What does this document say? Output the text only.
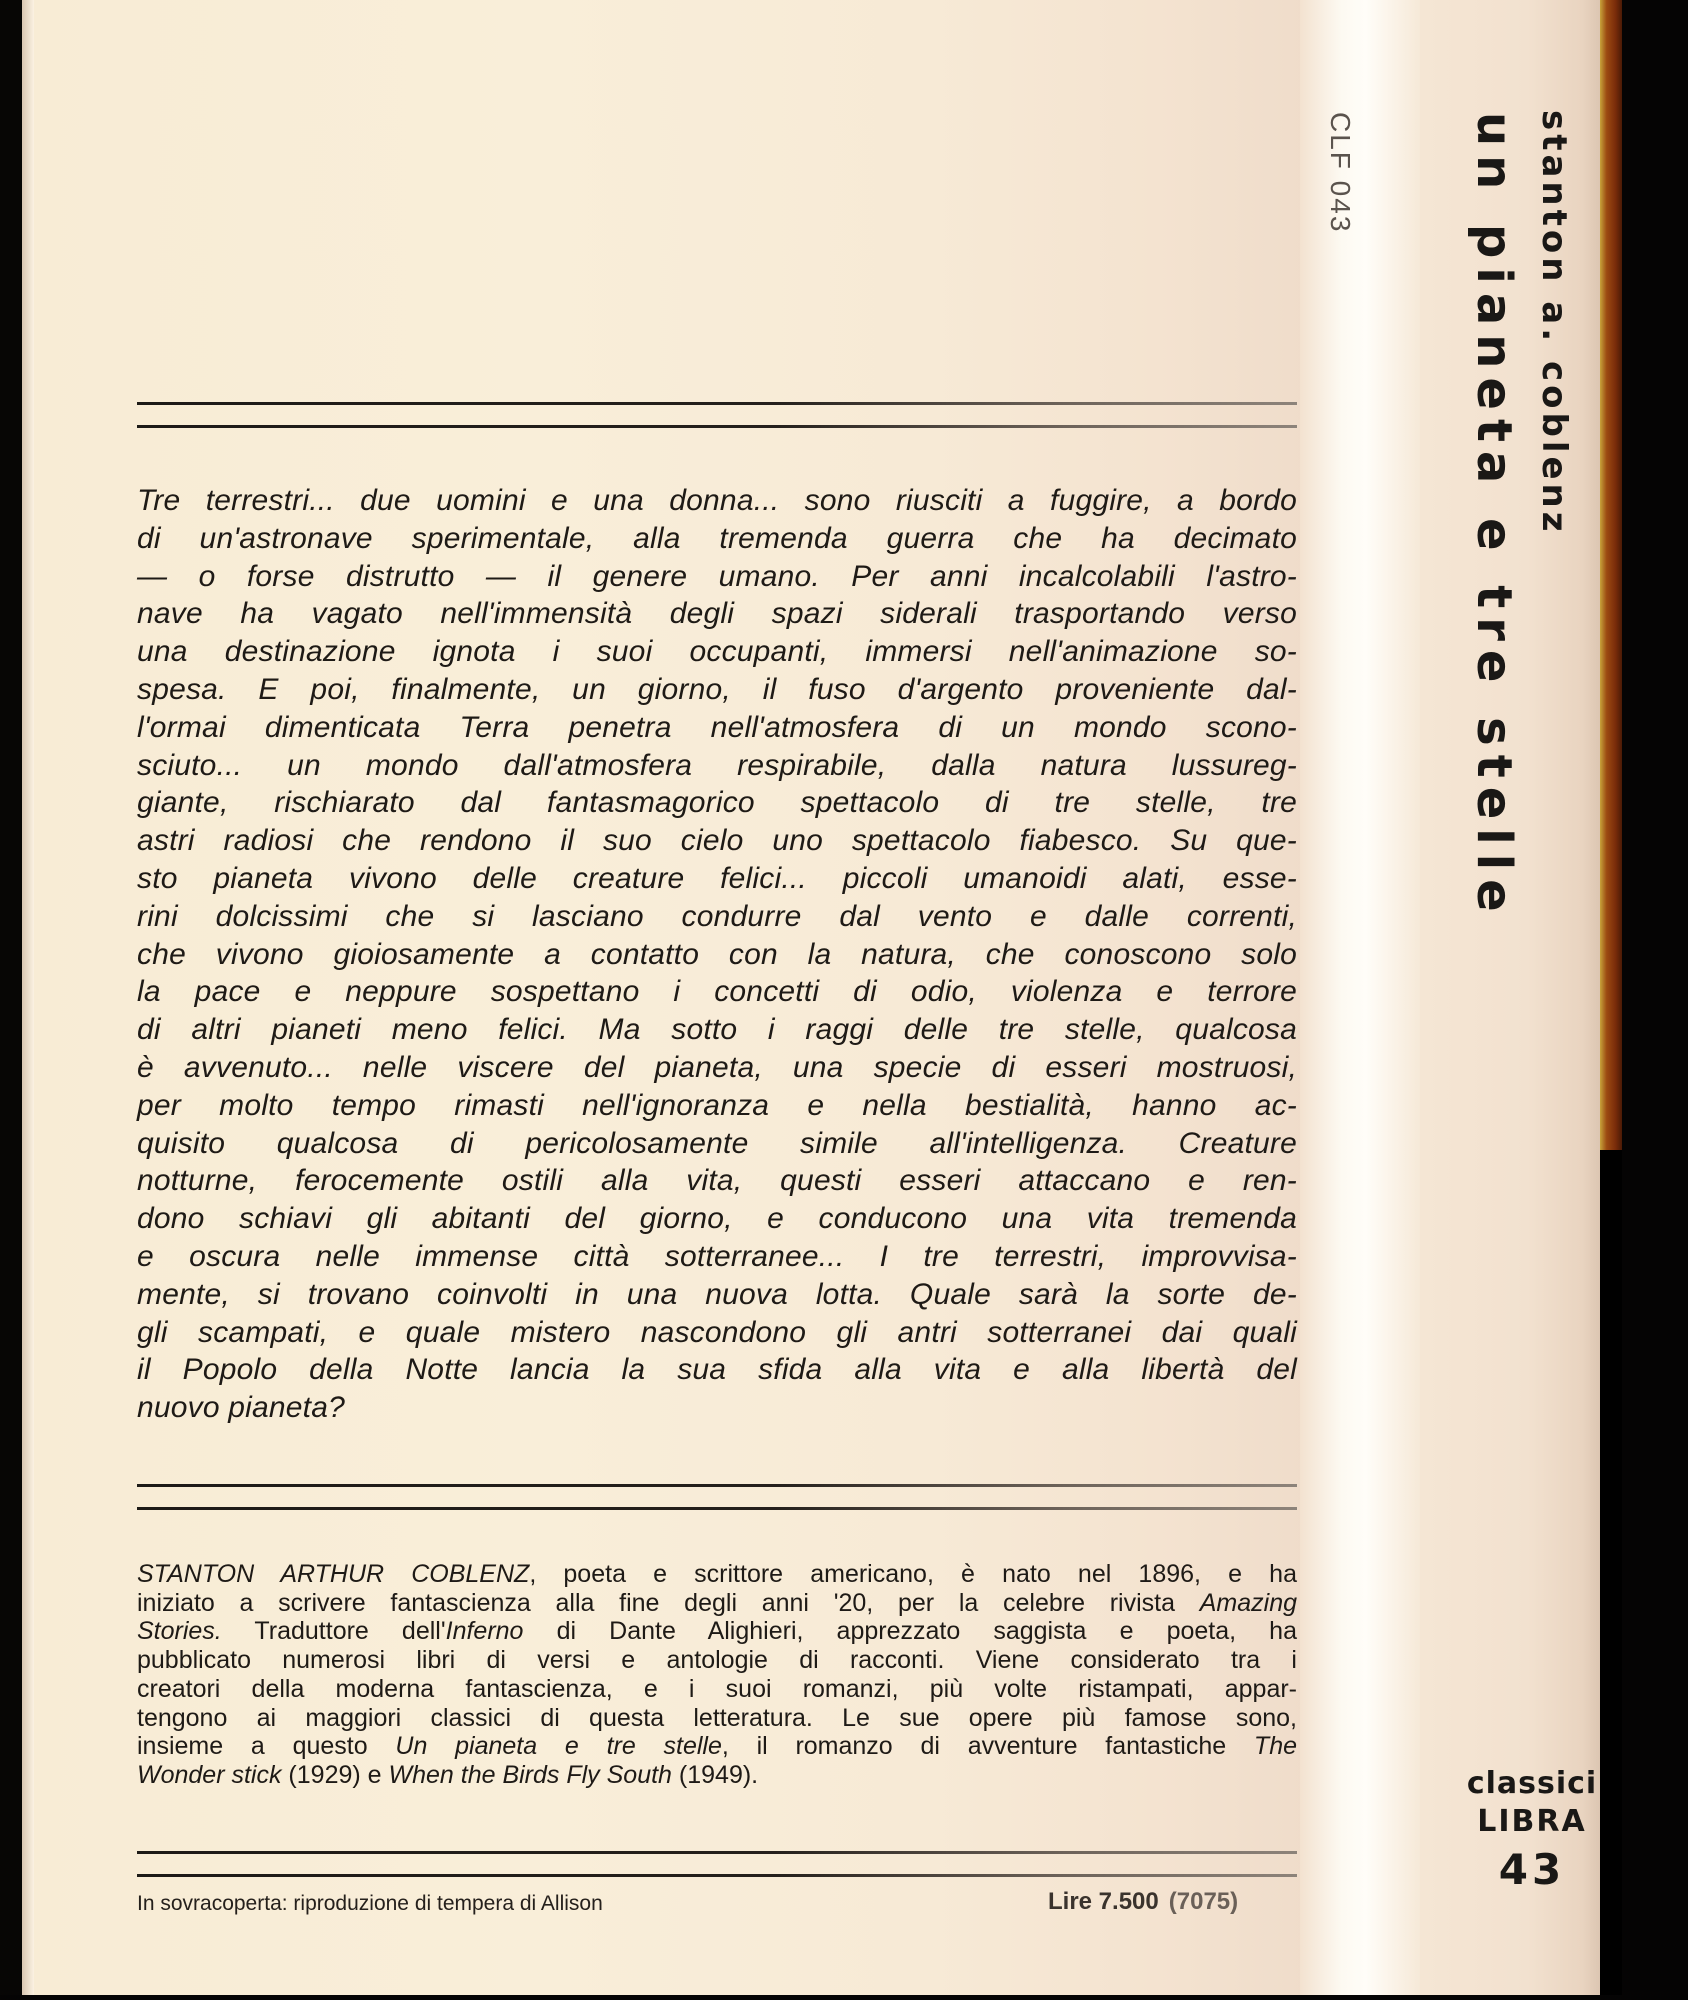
Tre terrestri... due uomini e una donna... sono riusciti a fuggire, a bordo
di un'astronave sperimentale, alla tremenda guerra che ha decimato
— o forse distrutto — il genere umano. Per anni incalcolabili l'astro-
nave ha vagato nell'immensità degli spazi siderali trasportando verso
una destinazione ignota i suoi occupanti, immersi nell'animazione so-
spesa. E poi, finalmente, un giorno, il fuso d'argento proveniente dal-
l'ormai dimenticata Terra penetra nell'atmosfera di un mondo scono-
sciuto... un mondo dall'atmosfera respirabile, dalla natura lussureg-
giante, rischiarato dal fantasmagorico spettacolo di tre stelle, tre
astri radiosi che rendono il suo cielo uno spettacolo fiabesco. Su que-
sto pianeta vivono delle creature felici... piccoli umanoidi alati, esse-
rini dolcissimi che si lasciano condurre dal vento e dalle correnti,
che vivono gioiosamente a contatto con la natura, che conoscono solo
la pace e neppure sospettano i concetti di odio, violenza e terrore
di altri pianeti meno felici. Ma sotto i raggi delle tre stelle, qualcosa
è avvenuto... nelle viscere del pianeta, una specie di esseri mostruosi,
per molto tempo rimasti nell'ignoranza e nella bestialità, hanno ac-
quisito qualcosa di pericolosamente simile all'intelligenza. Creature
notturne, ferocemente ostili alla vita, questi esseri attaccano e ren-
dono schiavi gli abitanti del giorno, e conducono una vita tremenda
e oscura nelle immense città sotterranee... I tre terrestri, improvvisa-
mente, si trovano coinvolti in una nuova lotta. Quale sarà la sorte de-
gli scampati, e quale mistero nascondono gli antri sotterranei dai quali
il Popolo della Notte lancia la sua sfida alla vita e alla libertà del
nuovo pianeta?
STANTON ARTHUR COBLENZ, poeta e scrittore americano, è nato nel 1896, e ha
iniziato a scrivere fantascienza alla fine degli anni '20, per la celebre rivista Amazing
Stories. Traduttore dell'Inferno di Dante Alighieri, apprezzato saggista e poeta, ha
pubblicato numerosi libri di versi e antologie di racconti. Viene considerato tra i
creatori della moderna fantascienza, e i suoi romanzi, più volte ristampati, appar-
tengono ai maggiori classici di questa letteratura. Le sue opere più famose sono,
insieme a questo Un pianeta e tre stelle, il romanzo di avventure fantastiche The
Wonder stick (1929) e When the Birds Fly South (1949).
In sovracoperta: riproduzione di tempera di Allison	Lire 7.500 (7075)
CLF 043	stanton a. coblenz
un pianeta e tre stelle
classici
LIBRA
43
